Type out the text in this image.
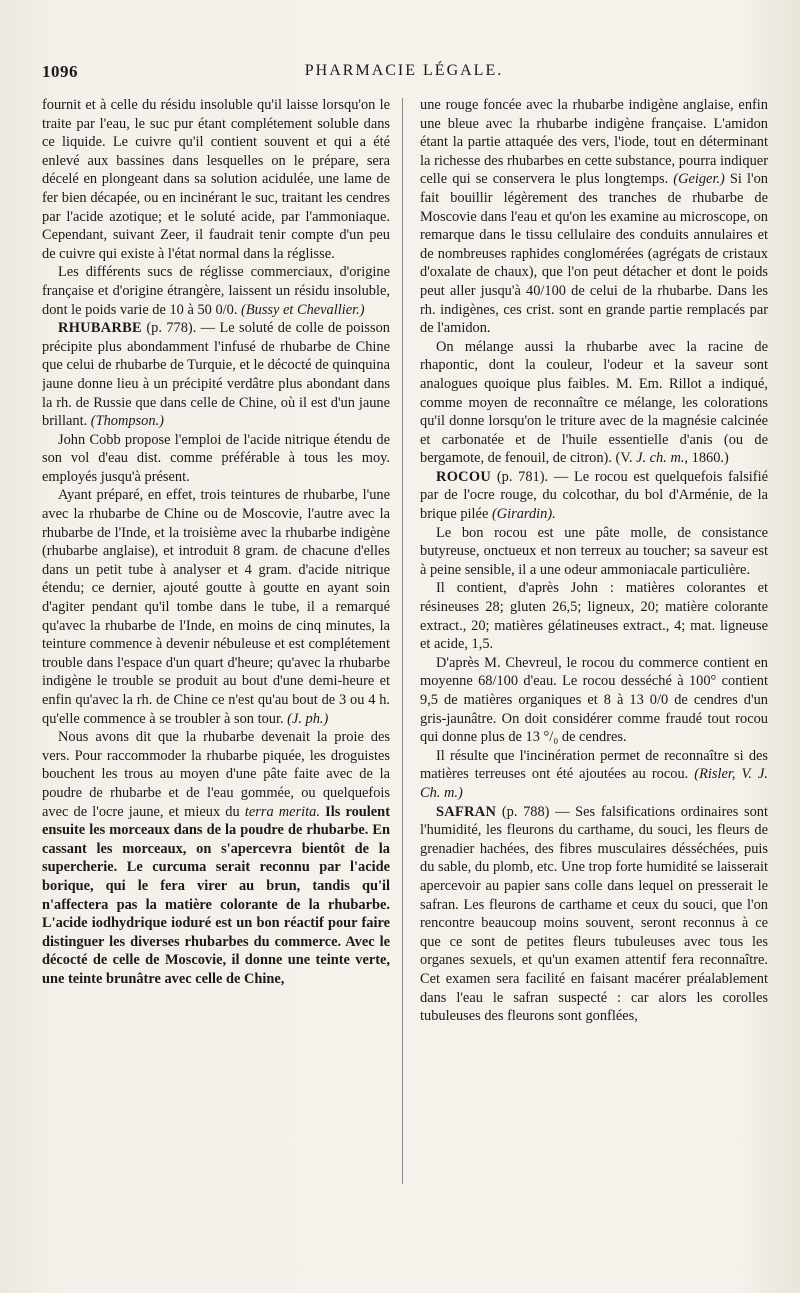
1096	PHARMACIE LÉGALE.

fournit et à celle du résidu insoluble qu'il laisse lorsqu'on le traite par l'eau, le suc pur étant complétement soluble dans ce liquide. Le cuivre qu'il contient souvent et qui a été enlevé aux bassines dans lesquelles on le prépare, sera décelé en plongeant dans sa solution acidulée, une lame de fer bien décapée, ou en incinérant le suc, traitant les cendres par l'acide azotique; et le soluté acide, par l'ammoniaque. Cependant, suivant Zeer, il faudrait tenir compte d'un peu de cuivre qui existe à l'état normal dans la réglisse.

Les différents sucs de réglisse commerciaux, d'origine française et d'origine étrangère, laissent un résidu insoluble, dont le poids varie de 10 à 50 0/0. (Bussy et Chevallier.)

RHUBARBE (p. 778). — Le soluté de colle de poisson précipite plus abondamment l'infusé de rhubarbe de Chine que celui de rhubarbe de Turquie, et le décocté de quinquina jaune donne lieu à un précipité verdâtre plus abondant dans la rh. de Russie que dans celle de Chine, où il est d'un jaune brillant. (Thompson.)

John Cobb propose l'emploi de l'acide nitrique étendu de son vol d'eau dist. comme préférable à tous les moy. employés jusqu'à présent.

Ayant préparé, en effet, trois teintures de rhubarbe, l'une avec la rhubarbe de Chine ou de Moscovie, l'autre avec la rhubarbe de l'Inde, et la troisième avec la rhubarbe indigène (rhubarbe anglaise), et introduit 8 gram. de chacune d'elles dans un petit tube à analyser et 4 gram. d'acide nitrique étendu; ce dernier, ajouté goutte à goutte en ayant soin d'agiter pendant qu'il tombe dans le tube, il a remarqué qu'avec la rhubarbe de l'Inde, en moins de cinq minutes, la teinture commence à devenir nébuleuse et est complétement trouble dans l'espace d'un quart d'heure; qu'avec la rhubarbe indigène le trouble se produit au bout d'une demi-heure et enfin qu'avec la rh. de Chine ce n'est qu'au bout de 3 ou 4 h. qu'elle commence à se troubler à son tour. (J. ph.)

Nous avons dit que la rhubarbe devenait la proie des vers. Pour raccommoder la rhubarbe piquée, les droguistes bouchent les trous au moyen d'une pâte faite avec de la poudre de rhubarbe et de l'eau gommée, ou quelquefois avec de l'ocre jaune, et mieux du terra merita. Ils roulent ensuite les morceaux dans de la poudre de rhubarbe. En cassant les morceaux, on s'apercevra bientôt de la supercherie. Le curcuma serait reconnu par l'acide borique, qui le fera virer au brun, tandis qu'il n'affectera pas la matière colorante de la rhubarbe. L'acide iodhydrique ioduré est un bon réactif pour faire distinguer les diverses rhubarbes du commerce. Avec le décocté de celle de Moscovie, il donne une teinte verte, une teinte brunâtre avec celle de Chine,

une rouge foncée avec la rhubarbe indigène anglaise, enfin une bleue avec la rhubarbe indigène française. L'amidon étant la partie attaquée des vers, l'iode, tout en déterminant la richesse des rhubarbes en cette substance, pourra indiquer celle qui se conservera le plus longtemps. (Geiger.) Si l'on fait bouillir légèrement des tranches de rhubarbe de Moscovie dans l'eau et qu'on les examine au microscope, on remarque dans le tissu cellulaire des conduits annulaires et de nombreuses raphides conglomérées (agrégats de cristaux d'oxalate de chaux), que l'on peut détacher et dont le poids peut aller jusqu'à 40/100 de celui de la rhubarbe. Dans les rh. indigènes, ces crist. sont en grande partie remplacés par de l'amidon.

On mélange aussi la rhubarbe avec la racine de rhapontic, dont la couleur, l'odeur et la saveur sont analogues quoique plus faibles. M. Em. Rillot a indiqué, comme moyen de reconnaître ce mélange, les colorations qu'il donne lorsqu'on le triture avec de la magnésie calcinée et carbonatée et de l'huile essentielle d'anis (ou de bergamote, de fenouil, de citron). (V. J. ch. m., 1860.)

ROCOU (p. 781). — Le rocou est quelquefois falsifié par de l'ocre rouge, du colcothar, du bol d'Arménie, de la brique pilée (Girardin).

Le bon rocou est une pâte molle, de consistance butyreuse, onctueux et non terreux au toucher; sa saveur est à peine sensible, il a une odeur ammoniacale particulière.

Il contient, d'après John : matières colorantes et résineuses 28; gluten 26,5; ligneux, 20; matière colorante extract., 20; matières gélatineuses extract., 4; mat. ligneuse et acide, 1,5.

D'après M. Chevreul, le rocou du commerce contient en moyenne 68/100 d'eau. Le rocou desséché à 100° contient 9,5 de matières organiques et 8 à 13 0/0 de cendres d'un gris-jaunâtre. On doit considérer comme fraudé tout rocou qui donne plus de 13 °/₀ de cendres.

Il résulte que l'incinération permet de reconnaître si des matières terreuses ont été ajoutées au rocou. (Risler, V. J. Ch. m.)

SAFRAN (p. 788) — Ses falsifications ordinaires sont l'humidité, les fleurons du carthame, du souci, les fleurs de grenadier hachées, des fibres musculaires désséchées, puis du sable, du plomb, etc. Une trop forte humidité se laisserait apercevoir au papier sans colle dans lequel on presserait le safran. Les fleurons de carthame et ceux du souci, que l'on rencontre beaucoup moins souvent, seront reconnus à ce que ce sont de petites fleurs tubuleuses avec tous les organes sexuels, et qu'un examen attentif fera reconnaître. Cet examen sera facilité en faisant macérer préalablement dans l'eau le safran suspecté : car alors les corolles tubuleuses des fleurons sont gonflées,
